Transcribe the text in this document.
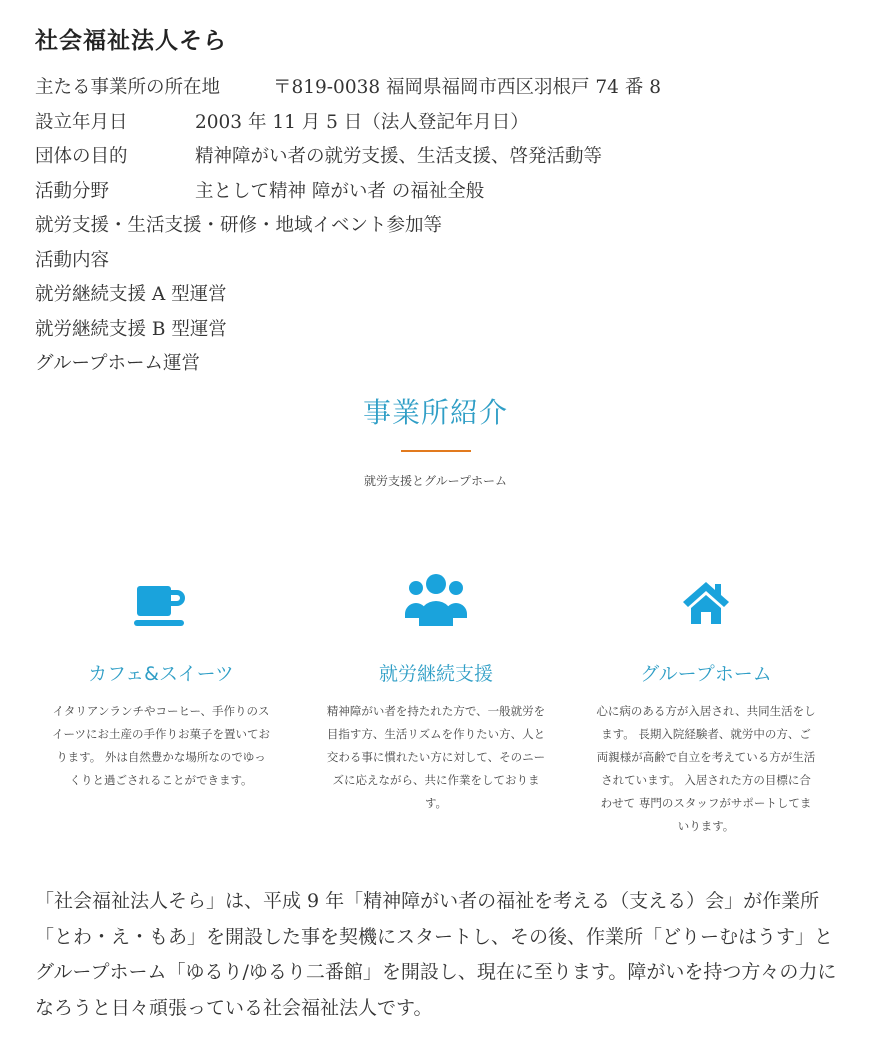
社会福祉法人そら
主たる事業所の所在地	〒819-0038 福岡県福岡市西区羽根戸 74 番 8
設立年月日	2003 年 11 月 5 日（法人登記年月日）
団体の目的	精神障がい者の就労支援、生活支援、啓発活動等
活動分野	主として精神 障がい者 の福祉全般
就労支援・生活支援・研修・地域イベント参加等
活動内容
就労継続支援 A 型運営
就労継続支援 B 型運営
グループホーム運営
事業所紹介
就労支援とグループホーム
カフェ&スイーツ
イタリアンランチやコーヒー、手作りのスイーツにお土産の手作りお菓子を置いております。 外は自然豊かな場所なのでゆっくりと過ごされることができます。
就労継続支援
精神障がい者を持たれた方で、一般就労を目指す方、生活リズムを作りたい方、人と交わる事に慣れたい方に対して、そのニーズに応えながら、共に作業をしております。
グループホーム
心に病のある方が入居され、共同生活をします。 長期入院経験者、就労中の方、ご両親様が高齢で自立を考えている方が生活されています。 入居された方の目標に合わせて 専門のスタッフがサポートしてまいります。
「社会福祉法人そら」は、平成 9 年「精神障がい者の福祉を考える（支える）会」が作業所「とわ・え・もあ」を開設した事を契機にスタートし、その後、作業所「どりーむはうす」とグループホーム「ゆるり/ゆるり二番館」を開設し、現在に至ります。障がいを持つ方々の力になろうと日々頑張っている社会福祉法人です。
